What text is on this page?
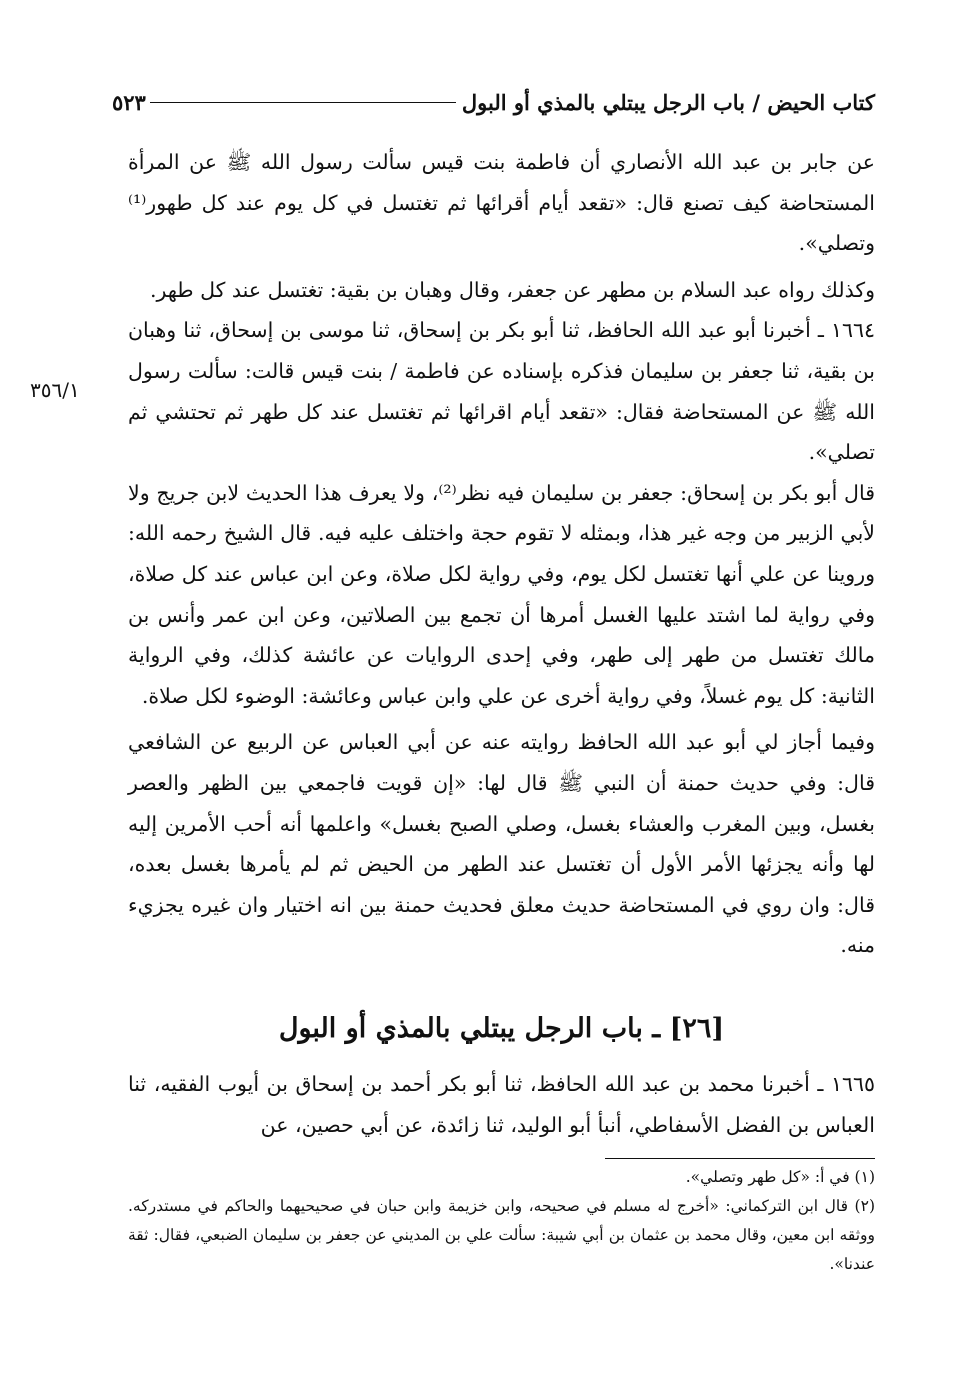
كتاب الحيض / باب الرجل يبتلي بالمذي أو البول
٥٢٣
٣٥٦/١

عن جابر بن عبد الله الأنصاري أن فاطمة بنت قيس سألت رسول الله ﷺ عن المرأة المستحاضة كيف تصنع قال: «تقعد أيام أقرائها ثم تغتسل في كل يوم عند كل طهور⁽¹⁾ وتصلي».

وكذلك رواه عبد السلام بن مطهر عن جعفر، وقال وهبان بن بقية: تغتسل عند كل طهر.

١٦٦٤ ـ أخبرنا أبو عبد الله الحافظ، ثنا أبو بكر بن إسحاق، ثنا موسى بن إسحاق، ثنا وهبان بن بقية، ثنا جعفر بن سليمان فذكره بإسناده عن فاطمة / بنت قيس قالت: سألت رسول الله ﷺ عن المستحاضة فقال: «تقعد أيام اقرائها ثم تغتسل عند كل طهر ثم تحتشي ثم تصلي».

قال أبو بكر بن إسحاق: جعفر بن سليمان فيه نظر⁽²⁾، ولا يعرف هذا الحديث لابن جريج ولا لأبي الزبير من وجه غير هذا، وبمثله لا تقوم حجة واختلف عليه فيه. قال الشيخ رحمه الله: وروينا عن علي أنها تغتسل لكل يوم، وفي رواية لكل صلاة، وعن ابن عباس عند كل صلاة، وفي رواية لما اشتد عليها الغسل أمرها أن تجمع بين الصلاتين، وعن ابن عمر وأنس بن مالك تغتسل من طهر إلى طهر، وفي إحدى الروايات عن عائشة كذلك، وفي الرواية الثانية: كل يوم غسلاً، وفي رواية أخرى عن علي وابن عباس وعائشة: الوضوء لكل صلاة.

وفيما أجاز لي أبو عبد الله الحافظ روايته عنه عن أبي العباس عن الربيع عن الشافعي قال: وفي حديث حمنة أن النبي ﷺ قال لها: «إن قويت فاجمعي بين الظهر والعصر بغسل، وبين المغرب والعشاء بغسل، وصلي الصبح بغسل» واعلمها أنه أحب الأمرين إليه لها وأنه يجزئها الأمر الأول أن تغتسل عند الطهر من الحيض ثم لم يأمرها بغسل بعده، قال: وان روي في المستحاضة حديث معلق فحديث حمنة بين انه اختيار وان غيره يجزيء منه.

[٢٦] ـ باب الرجل يبتلي بالمذي أو البول

١٦٦٥ ـ أخبرنا محمد بن عبد الله الحافظ، ثنا أبو بكر أحمد بن إسحاق بن أيوب الفقيه، ثنا العباس بن الفضل الأسفاطي، أنبأ أبو الوليد، ثنا زائدة، عن أبي حصين، عن

(١) في أ: «كل طهر وتصلي».

(٢) قال ابن التركماني: «أخرج له مسلم في صحيحه، وابن خزيمة وابن حبان في صحيحيهما والحاكم في مستدركه. ووثقه ابن معين، وقال محمد بن عثمان بن أبي شيبة: سألت علي بن المديني عن جعفر بن سليمان الضبعي، فقال: ثقة عندنا».
